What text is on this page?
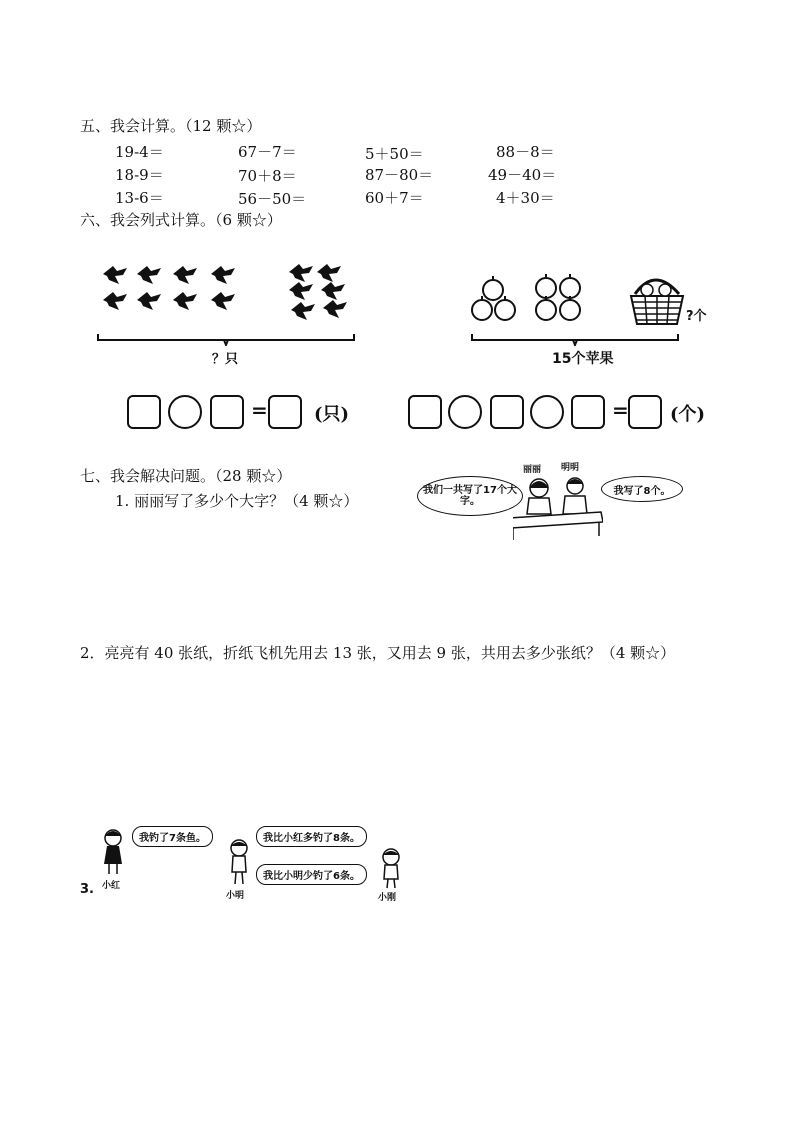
五、我会计算。（12 颗☆）
19-4＝	67－7＝	5＋50＝	88－8＝
18-9＝	70＋8＝	87－80＝	49－40＝
13-6＝	56－50＝	60＋7＝	4＋30＝
六、我会列式计算。（6 颗☆）
？只
?个
15个苹果
=	(只)	= (个)
七、我会解决问题。（28 颗☆）
1. 丽丽写了多少个大字？（4 颗☆）
丽丽 明明
我们一共写了17个大字。
我写了8个。
2．亮亮有 40 张纸，折纸飞机先用去 13 张，又用去 9 张，共用去多少张纸？（4 颗☆）
3. 小红
我钓了7条鱼。
小明
我比小红多钓了8条。
我比小明少钓了6条。
小刚
